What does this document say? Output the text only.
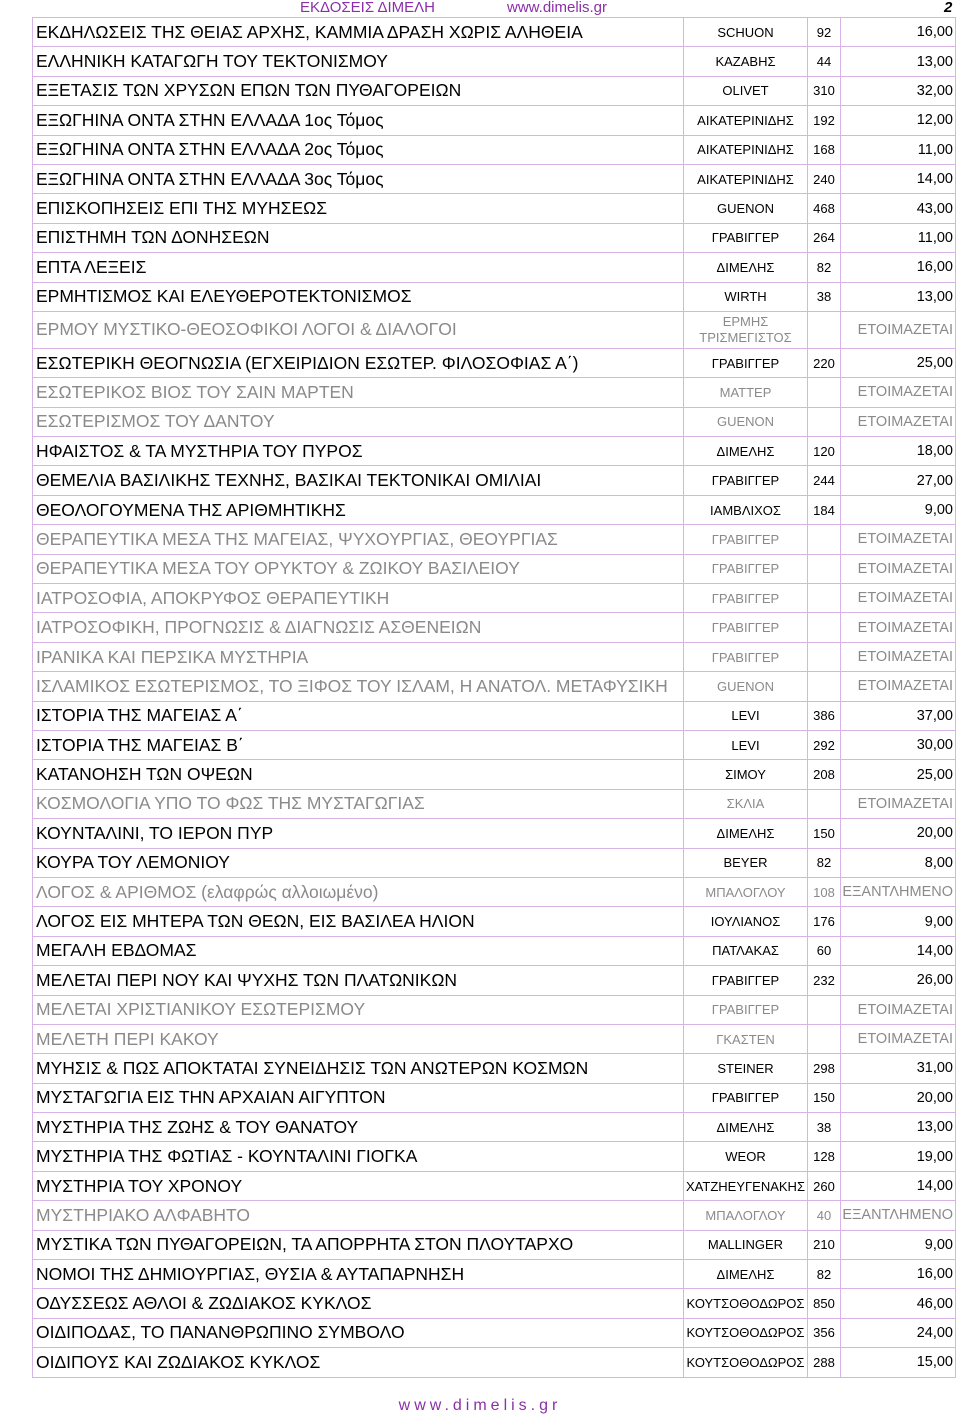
ΕΚΔΟΣΕΙΣ ΔΙΜΕΛΗ	www.dimelis.gr	2
ΕΚΔΗΛΩΣΕΙΣ ΤΗΣ ΘΕΙΑΣ ΑΡΧΗΣ, ΚΑΜΜΙΑ ΔΡΑΣΗ ΧΩΡΙΣ ΑΛΗΘΕΙΑ	SCHUON	92	16,00
ΕΛΛΗΝΙΚΗ ΚΑΤΑΓΩΓΗ ΤΟΥ ΤΕΚΤΟΝΙΣΜΟΥ	ΚΑΖΑΒΗΣ	44	13,00
ΕΞΕΤΑΣΙΣ ΤΩΝ ΧΡΥΣΩΝ ΕΠΩΝ ΤΩΝ ΠΥΘΑΓΟΡΕΙΩΝ	OLIVET	310	32,00
ΕΞΩΓΗΙΝΑ ΟΝΤΑ ΣΤΗΝ ΕΛΛΑΔΑ 1ος Τόμος	ΑΙΚΑΤΕΡΙΝΙΔΗΣ	192	12,00
ΕΞΩΓΗΙΝΑ ΟΝΤΑ ΣΤΗΝ ΕΛΛΑΔΑ 2ος Τόμος	ΑΙΚΑΤΕΡΙΝΙΔΗΣ	168	11,00
ΕΞΩΓΗΙΝΑ ΟΝΤΑ ΣΤΗΝ ΕΛΛΑΔΑ 3ος Τόμος	ΑΙΚΑΤΕΡΙΝΙΔΗΣ	240	14,00
ΕΠΙΣΚΟΠΗΣΕΙΣ ΕΠΙ ΤΗΣ ΜΥΗΣΕΩΣ	GUENON	468	43,00
ΕΠΙΣΤΗΜΗ ΤΩΝ ΔΟΝΗΣΕΩΝ	ΓΡΑΒΙΓΓΕΡ	264	11,00
ΕΠΤΑ ΛΕΞΕΙΣ	ΔΙΜΕΛΗΣ	82	16,00
ΕΡΜΗΤΙΣΜΟΣ ΚΑΙ ΕΛΕΥΘΕΡΟΤΕΚΤΟΝΙΣΜΟΣ	WIRTH	38	13,00
ΕΡΜΟΥ ΜΥΣΤΙΚΟ-ΘΕΟΣΟΦΙΚΟΙ ΛΟΓΟΙ & ΔΙΑΛΟΓΟΙ	ΕΡΜΗΣ ΤΡΙΣΜΕΓΙΣΤΟΣ		ΕΤΟΙΜΑΖΕΤΑΙ
ΕΣΩΤΕΡΙΚΗ ΘΕΟΓΝΩΣΙΑ (ΕΓΧΕΙΡΙΔΙΟΝ ΕΣΩΤΕΡ. ΦΙΛΟΣΟΦΙΑΣ Α΄)	ΓΡΑΒΙΓΓΕΡ	220	25,00
ΕΣΩΤΕΡΙΚΟΣ ΒΙΟΣ ΤΟΥ ΣΑΙΝ ΜΑΡΤΕΝ	ΜΑΤΤΕΡ		ΕΤΟΙΜΑΖΕΤΑΙ
ΕΣΩΤΕΡΙΣΜΟΣ ΤΟΥ ΔΑΝΤΟΥ	GUENON		ΕΤΟΙΜΑΖΕΤΑΙ
ΗΦΑΙΣΤΟΣ & ΤΑ ΜΥΣΤΗΡΙΑ ΤΟΥ ΠΥΡΟΣ	ΔΙΜΕΛΗΣ	120	18,00
ΘΕΜΕΛΙΑ ΒΑΣΙΛΙΚΗΣ ΤΕΧΝΗΣ, ΒΑΣΙΚΑΙ ΤΕΚΤΟΝΙΚΑΙ ΟΜΙΛΙΑΙ	ΓΡΑΒΙΓΓΕΡ	244	27,00
ΘΕΟΛΟΓΟΥΜΕΝΑ ΤΗΣ ΑΡΙΘΜΗΤΙΚΗΣ	ΙΑΜΒΛΙΧΟΣ	184	9,00
ΘΕΡΑΠΕΥΤΙΚΑ ΜΕΣΑ ΤΗΣ ΜΑΓΕΙΑΣ, ΨΥΧΟΥΡΓΙΑΣ, ΘΕΟΥΡΓΙΑΣ	ΓΡΑΒΙΓΓΕΡ		ΕΤΟΙΜΑΖΕΤΑΙ
ΘΕΡΑΠΕΥΤΙΚΑ ΜΕΣΑ ΤΟΥ ΟΡΥΚΤΟΥ & ΖΩΙΚΟΥ ΒΑΣΙΛΕΙΟΥ	ΓΡΑΒΙΓΓΕΡ		ΕΤΟΙΜΑΖΕΤΑΙ
ΙΑΤΡΟΣΟΦΙΑ, ΑΠΟΚΡΥΦΟΣ ΘΕΡΑΠΕΥΤΙΚΗ	ΓΡΑΒΙΓΓΕΡ		ΕΤΟΙΜΑΖΕΤΑΙ
ΙΑΤΡΟΣΟΦΙΚΗ, ΠΡΟΓΝΩΣΙΣ & ΔΙΑΓΝΩΣΙΣ ΑΣΘΕΝΕΙΩΝ	ΓΡΑΒΙΓΓΕΡ		ΕΤΟΙΜΑΖΕΤΑΙ
ΙΡΑΝΙΚΑ ΚΑΙ ΠΕΡΣΙΚΑ ΜΥΣΤΗΡΙΑ	ΓΡΑΒΙΓΓΕΡ		ΕΤΟΙΜΑΖΕΤΑΙ
ΙΣΛΑΜΙΚΟΣ ΕΣΩΤΕΡΙΣΜΟΣ, ΤΟ ΞΙΦΟΣ ΤΟΥ ΙΣΛΑΜ, Η ΑΝΑΤΟΛ. ΜΕΤΑΦΥΣΙΚΗ	GUENON		ΕΤΟΙΜΑΖΕΤΑΙ
ΙΣΤΟΡΙΑ ΤΗΣ ΜΑΓΕΙΑΣ Α΄	LEVI	386	37,00
ΙΣΤΟΡΙΑ ΤΗΣ ΜΑΓΕΙΑΣ Β΄	LEVI	292	30,00
ΚΑΤΑΝΟΗΣΗ ΤΩΝ ΟΨΕΩΝ	ΣΙΜΟΥ	208	25,00
ΚΟΣΜΟΛΟΓΙΑ ΥΠΟ ΤΟ ΦΩΣ ΤΗΣ ΜΥΣΤΑΓΩΓΙΑΣ	ΣΚΛΙΑ		ΕΤΟΙΜΑΖΕΤΑΙ
ΚΟΥΝΤΑΛΙΝΙ, ΤΟ ΙΕΡΟΝ ΠΥΡ	ΔΙΜΕΛΗΣ	150	20,00
ΚΟΥΡΑ ΤΟΥ ΛΕΜΟΝΙΟΥ	BEYER	82	8,00
ΛΟΓΟΣ & ΑΡΙΘΜΟΣ (ελαφρώς αλλοιωμένο)	ΜΠΑΛΟΓΛΟΥ	108	ΕΞΑΝΤΛΗΜΕΝΟ
ΛΟΓΟΣ ΕΙΣ ΜΗΤΕΡΑ ΤΩΝ ΘΕΩΝ, ΕΙΣ ΒΑΣΙΛΕΑ ΗΛΙΟΝ	ΙΟΥΛΙΑΝΟΣ	176	9,00
ΜΕΓΑΛΗ ΕΒΔΟΜΑΣ	ΠΑΤΛΑΚΑΣ	60	14,00
ΜΕΛΕΤΑΙ ΠΕΡΙ ΝΟΥ ΚΑΙ ΨΥΧΗΣ ΤΩΝ ΠΛΑΤΩΝΙΚΩΝ	ΓΡΑΒΙΓΓΕΡ	232	26,00
ΜΕΛΕΤΑΙ ΧΡΙΣΤΙΑΝΙΚΟΥ ΕΣΩΤΕΡΙΣΜΟΥ	ΓΡΑΒΙΓΓΕΡ		ΕΤΟΙΜΑΖΕΤΑΙ
ΜΕΛΕΤΗ ΠΕΡΙ ΚΑΚΟΥ	ΓΚΑΣΤΕΝ		ΕΤΟΙΜΑΖΕΤΑΙ
ΜΥΗΣΙΣ & ΠΩΣ ΑΠΟΚΤΑΤΑΙ ΣΥΝΕΙΔΗΣΙΣ ΤΩΝ ΑΝΩΤΕΡΩΝ ΚΟΣΜΩΝ	STEINER	298	31,00
ΜΥΣΤΑΓΩΓΙΑ ΕΙΣ ΤΗΝ ΑΡΧΑΙΑΝ ΑΙΓΥΠΤΟΝ	ΓΡΑΒΙΓΓΕΡ	150	20,00
ΜΥΣΤΗΡΙΑ ΤΗΣ ΖΩΗΣ & ΤΟΥ ΘΑΝΑΤΟΥ	ΔΙΜΕΛΗΣ	38	13,00
ΜΥΣΤΗΡΙΑ ΤΗΣ ΦΩΤΙΑΣ - ΚΟΥΝΤΑΛΙΝΙ ΓΙΟΓΚΑ	WEOR	128	19,00
ΜΥΣΤΗΡΙΑ ΤΟΥ ΧΡΟΝΟΥ	ΧΑΤΖΗΕΥΓΕΝΑΚΗΣ	260	14,00
ΜΥΣΤΗΡΙΑΚΟ ΑΛΦΑΒΗΤΟ	ΜΠΑΛΟΓΛΟΥ	40	ΕΞΑΝΤΛΗΜΕΝΟ
ΜΥΣΤΙΚΑ ΤΩΝ ΠΥΘΑΓΟΡΕΙΩΝ, ΤΑ ΑΠΟΡΡΗΤΑ ΣΤΟΝ ΠΛΟΥΤΑΡΧΟ	MALLINGER	210	9,00
ΝΟΜΟΙ ΤΗΣ ΔΗΜΙΟΥΡΓΙΑΣ, ΘΥΣΙΑ & ΑΥΤΑΠΑΡΝΗΣΗ	ΔΙΜΕΛΗΣ	82	16,00
ΟΔΥΣΣΕΩΣ ΑΘΛΟΙ & ΖΩΔΙΑΚΟΣ ΚΥΚΛΟΣ	ΚΟΥΤΣΟΘΟΔΩΡΟΣ	850	46,00
ΟΙΔΙΠΟΔΑΣ, ΤΟ ΠΑΝΑΝΘΡΩΠΙΝΟ ΣΥΜΒΟΛΟ	ΚΟΥΤΣΟΘΟΔΩΡΟΣ	356	24,00
ΟΙΔΙΠΟΥΣ ΚΑΙ ΖΩΔΙΑΚΟΣ ΚΥΚΛΟΣ	ΚΟΥΤΣΟΘΟΔΩΡΟΣ	288	15,00
www.dimelis.gr
